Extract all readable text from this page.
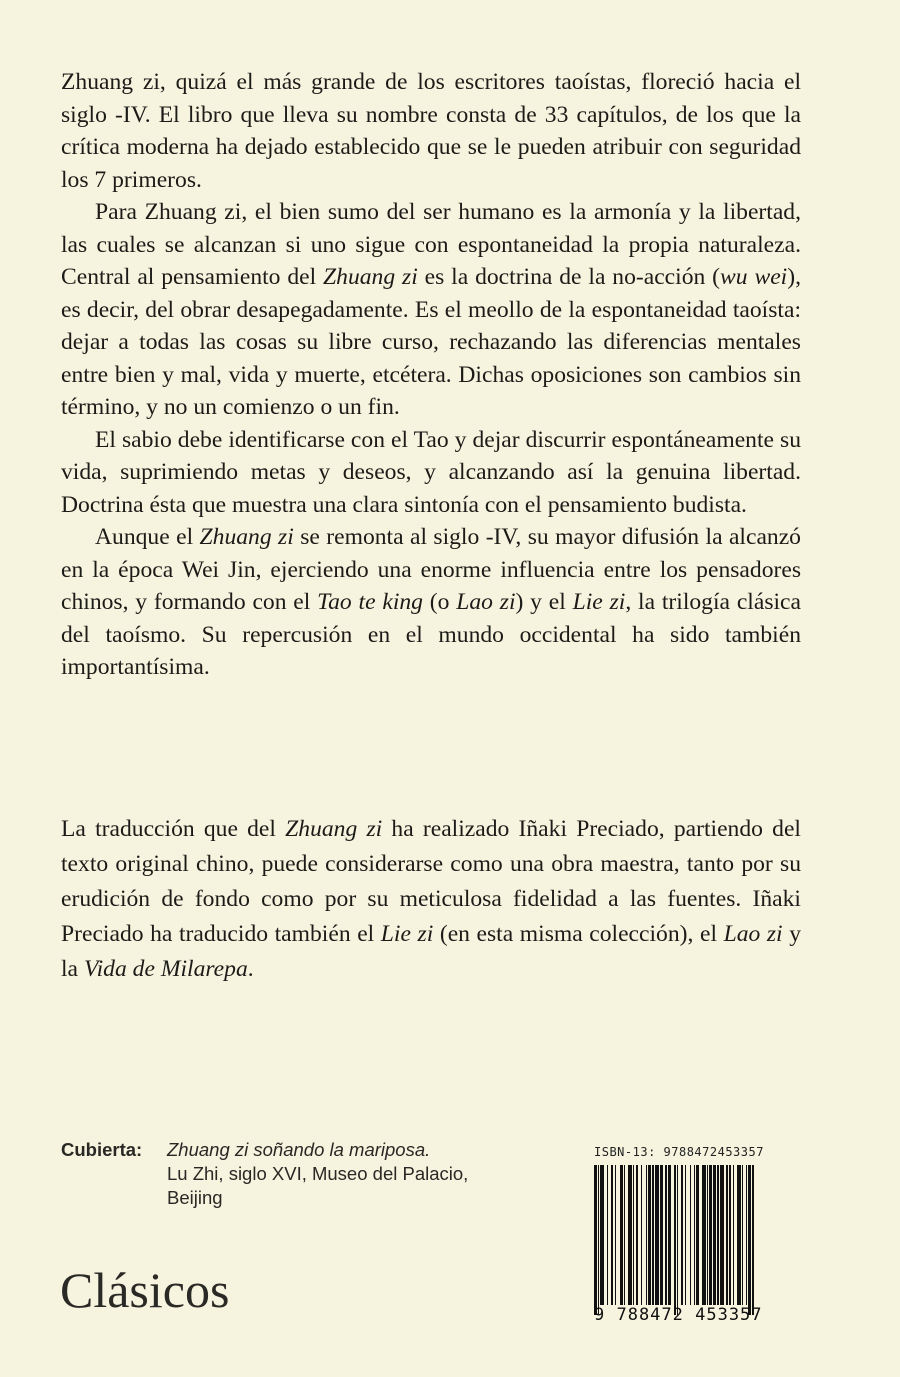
Zhuang zi, quizá el más grande de los escritores taoístas, floreció hacia el siglo -IV. El libro que lleva su nombre consta de 33 capítulos, de los que la crítica moderna ha dejado establecido que se le pueden atribuir con seguridad los 7 primeros.

Para Zhuang zi, el bien sumo del ser humano es la armonía y la libertad, las cuales se alcanzan si uno sigue con espontaneidad la propia naturaleza. Central al pensamiento del Zhuang zi es la doctrina de la no-acción (wu wei), es decir, del obrar desapegadamente. Es el meollo de la espontaneidad taoísta: dejar a todas las cosas su libre curso, rechazando las diferencias mentales entre bien y mal, vida y muerte, etcétera. Dichas oposiciones son cambios sin término, y no un comienzo o un fin.

El sabio debe identificarse con el Tao y dejar discurrir espontáneamente su vida, suprimiendo metas y deseos, y alcanzando así la genuina libertad. Doctrina ésta que muestra una clara sintonía con el pensamiento budista.

Aunque el Zhuang zi se remonta al siglo -IV, su mayor difusión la alcanzó en la época Wei Jin, ejerciendo una enorme influencia entre los pensadores chinos, y formando con el Tao te king (o Lao zi) y el Lie zi, la trilogía clásica del taoísmo. Su repercusión en el mundo occidental ha sido también importantísima.

La traducción que del Zhuang zi ha realizado Iñaki Preciado, partiendo del texto original chino, puede considerarse como una obra maestra, tanto por su erudición de fondo como por su meticulosa fidelidad a las fuentes. Iñaki Preciado ha traducido también el Lie zi (en esta misma colección), el Lao zi y la Vida de Milarepa.

Cubierta:	Zhuang zi soñando la mariposa.
Lu Zhi, siglo XVI, Museo del Palacio,
Beijing
Clásicos
ISBN-13: 9788472453357
9 788472 453357
